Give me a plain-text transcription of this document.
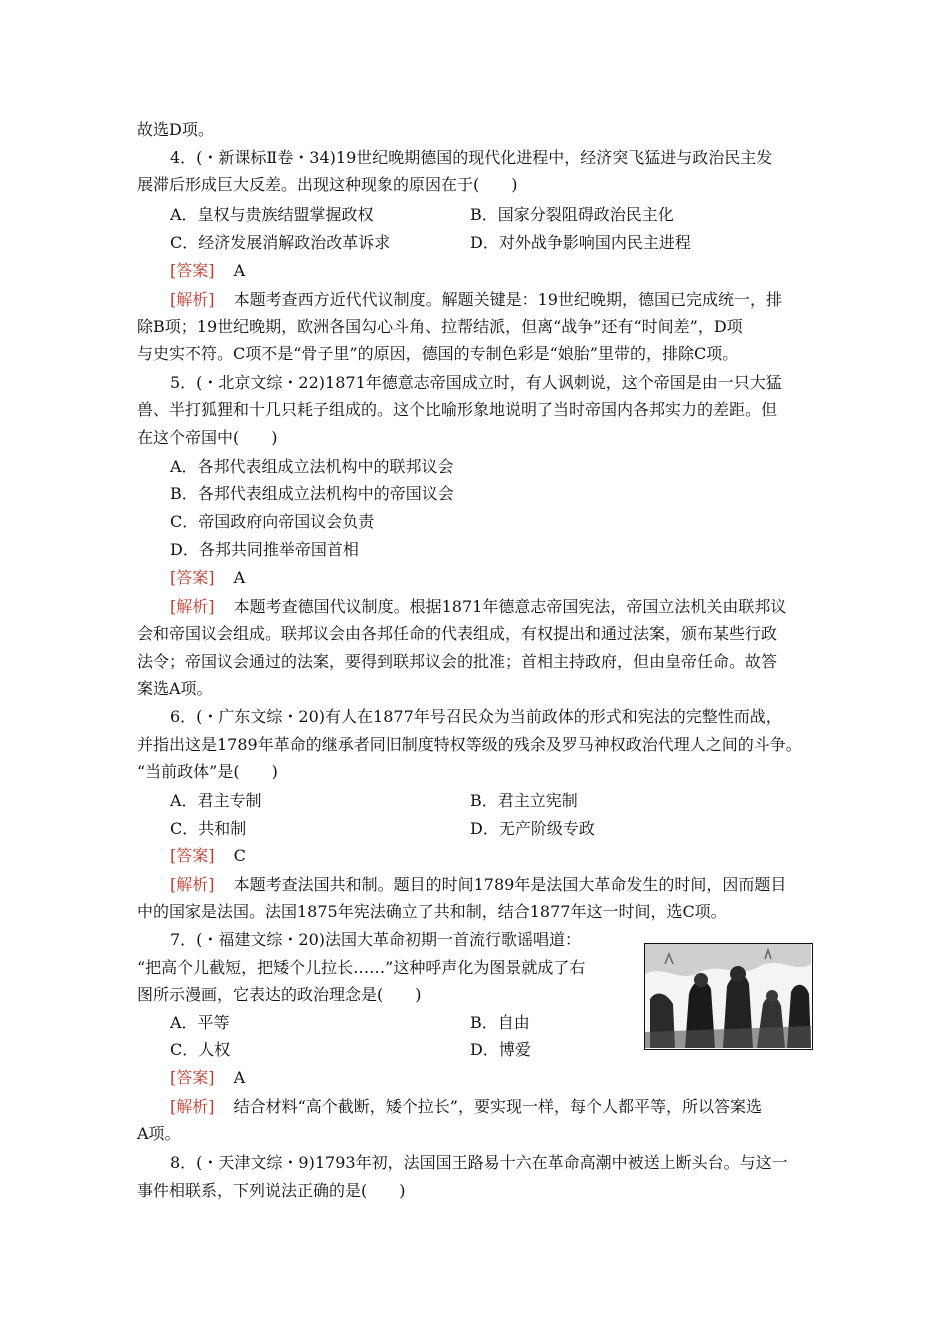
故选D项。
4．(・新课标Ⅱ卷・34)19世纪晚期德国的现代化进程中，经济突飞猛进与政治民主发
展滞后形成巨大反差。出现这种现象的原因在于(　　)
A．皇权与贵族结盟掌握政权	B．国家分裂阻碍政治民主化
C．经济发展消解政治改革诉求	D．对外战争影响国内民主进程
[答案] A
[解析] 本题考查西方近代代议制度。解题关键是：19世纪晚期，德国已完成统一，排
除B项；19世纪晚期，欧洲各国勾心斗角、拉帮结派，但离“战争”还有“时间差”，D项
与史实不符。C项不是“骨子里”的原因，德国的专制色彩是“娘胎”里带的，排除C项。
5．(・北京文综・22)1871年德意志帝国成立时，有人讽刺说，这个帝国是由一只大猛
兽、半打狐狸和十几只耗子组成的。这个比喻形象地说明了当时帝国内各邦实力的差距。但
在这个帝国中(　　)
A．各邦代表组成立法机构中的联邦议会
B．各邦代表组成立法机构中的帝国议会
C．帝国政府向帝国议会负责
D．各邦共同推举帝国首相
[答案] A
[解析] 本题考查德国代议制度。根据1871年德意志帝国宪法，帝国立法机关由联邦议
会和帝国议会组成。联邦议会由各邦任命的代表组成，有权提出和通过法案，颁布某些行政
法令；帝国议会通过的法案，要得到联邦议会的批准；首相主持政府，但由皇帝任命。故答
案选A项。
6．(・广东文综・20)有人在1877年号召民众为当前政体的形式和宪法的完整性而战，
并指出这是1789年革命的继承者同旧制度特权等级的残余及罗马神权政治代理人之间的斗争。
“当前政体”是(　　)
A．君主专制	B．君主立宪制
C．共和制	D．无产阶级专政
[答案] C
[解析] 本题考查法国共和制。题目的时间1789年是法国大革命发生的时间，因而题目
中的国家是法国。法国1875年宪法确立了共和制，结合1877年这一时间，选C项。
7．(・福建文综・20)法国大革命初期一首流行歌谣唱道：
“把高个儿截短，把矮个儿拉长……”这种呼声化为图景就成了右
图所示漫画，它表达的政治理念是(　　)
A．平等	B．自由
C．人权	D．博爱
[答案] A
[解析] 结合材料“高个截断，矮个拉长”，要实现一样，每个人都平等，所以答案选
A项。
8．(・天津文综・9)1793年初，法国国王路易十六在革命高潮中被送上断头台。与这一
事件相联系，下列说法正确的是(　　)
